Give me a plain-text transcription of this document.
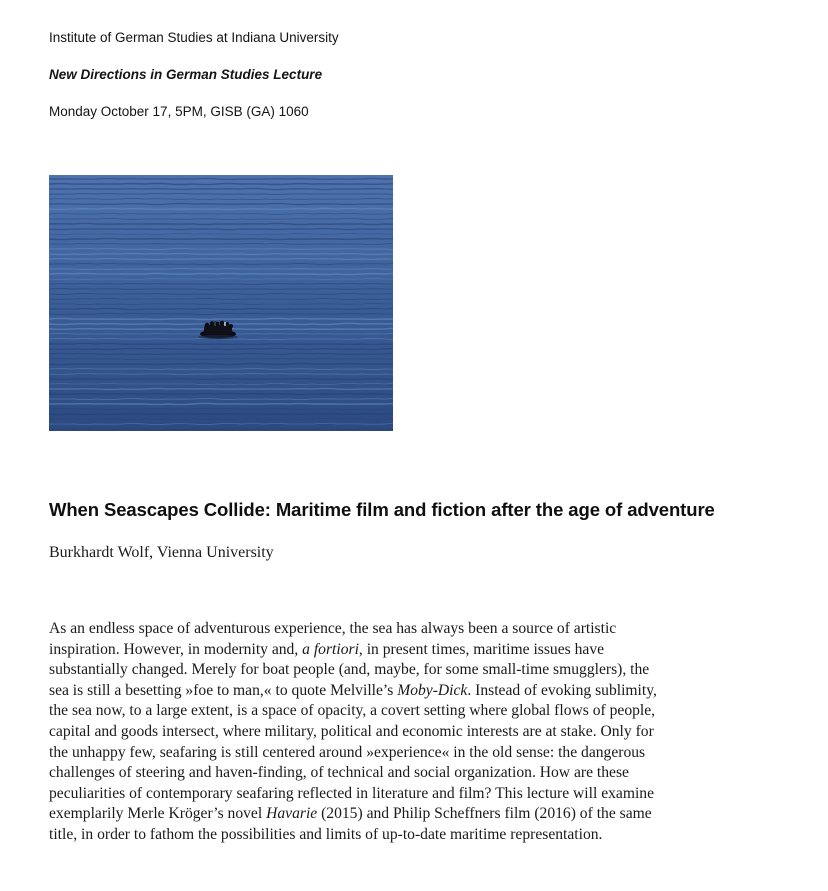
Institute of German Studies at Indiana University
New Directions in German Studies Lecture
Monday October 17, 5PM, GISB (GA) 1060
When Seascapes Collide: Maritime film and fiction after the age of adventure
Burkhardt Wolf, Vienna University
As an endless space of adventurous experience, the sea has always been a source of artistic
inspiration. However, in modernity and, a fortiori, in present times, maritime issues have
substantially changed. Merely for boat people (and, maybe, for some small-time smugglers), the
sea is still a besetting »foe to man,« to quote Melville’s Moby-Dick. Instead of evoking sublimity,
the sea now, to a large extent, is a space of opacity, a covert setting where global flows of people,
capital and goods intersect, where military, political and economic interests are at stake. Only for
the unhappy few, seafaring is still centered around »experience« in the old sense: the dangerous
challenges of steering and haven-finding, of technical and social organization. How are these
peculiarities of contemporary seafaring reflected in literature and film? This lecture will examine
exemplarily Merle Kröger’s novel Havarie (2015) and Philip Scheffners film (2016) of the same
title, in order to fathom the possibilities and limits of up-to-date maritime representation.
